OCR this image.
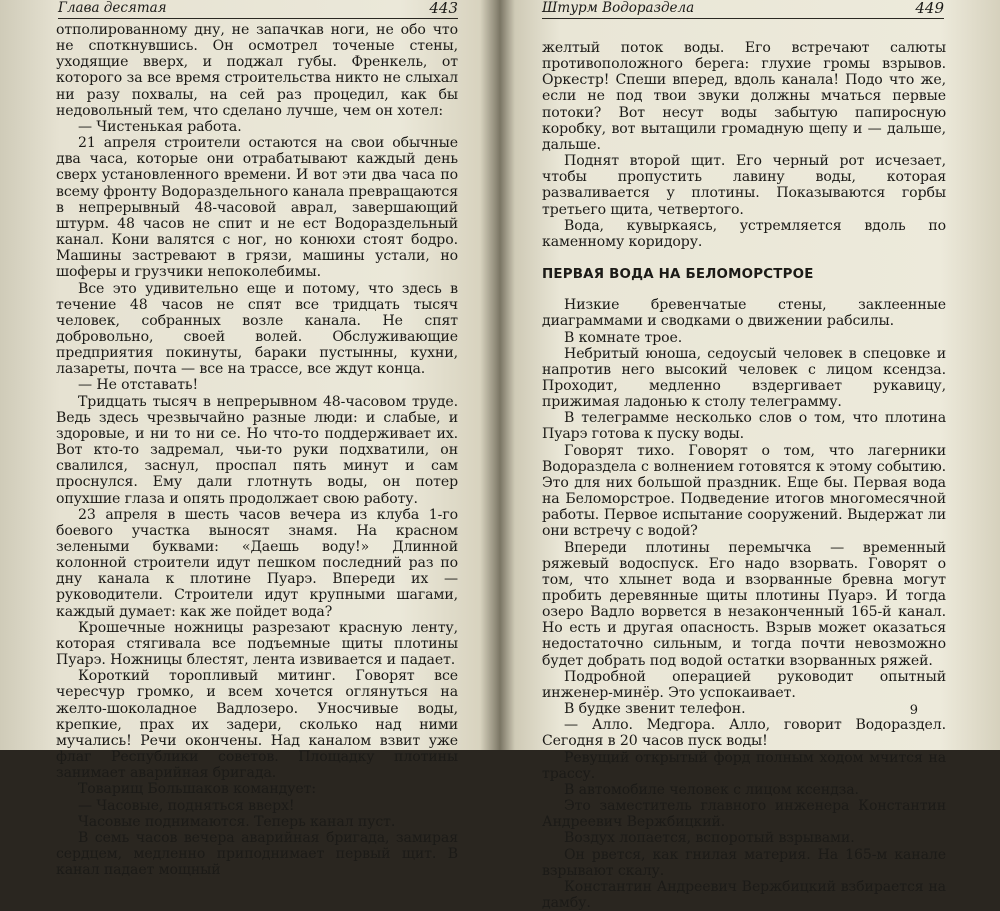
Глава десятая	443

отполированному дну, не запачкав ноги, не обо что не споткнувшись. Он осмотрел точеные стены, уходящие вверх, и поджал губы. Френкель, от которого за все время строительства никто не слыхал ни разу похвалы, на сей раз процедил, как бы недовольный тем, что сделано лучше, чем он хотел:

— Чистенькая работа.

21 апреля строители остаются на свои обычные два часа, которые они отрабатывают каждый день сверх установленного времени. И вот эти два часа по всему фронту Водораздельного канала превращаются в непрерывный 48-часовой аврал, завершающий штурм. 48 часов не спит и не ест Водораздельный канал. Кони валятся с ног, но конюхи стоят бодро. Машины застревают в грязи, машины устали, но шоферы и грузчики непоколебимы.

Все это удивительно еще и потому, что здесь в течение 48 часов не спят все тридцать тысяч человек, собранных возле канала. Не спят добровольно, своей волей. Обслуживающие предприятия покинуты, бараки пустынны, кухни, лазареты, почта — все на трассе, все ждут конца.

— Не отставать!

Тридцать тысяч в непрерывном 48-часовом труде. Ведь здесь чрезвычайно разные люди: и слабые, и здоровые, и ни то ни се. Но что-то поддерживает их. Вот кто-то задремал, чьи-то руки подхватили, он свалился, заснул, проспал пять минут и сам проснулся. Ему дали глотнуть воды, он потер опухшие глаза и опять продолжает свою работу.

23 апреля в шесть часов вечера из клуба 1-го боевого участка выносят знамя. На красном зелеными буквами: «Даешь воду!» Длинной колонной строители идут пешком последний раз по дну канала к плотине Пуарэ. Впереди их — руководители. Строители идут крупными шагами, каждый думает: как же пойдет вода?

Крошечные ножницы разрезают красную ленту, которая стягивала все подъемные щиты плотины Пуарэ. Ножницы блестят, лента извивается и падает.

Короткий торопливый митинг. Говорят все чересчур громко, и всем хочется оглянуться на желто-шоколадное Вадлозеро. Уносчивые воды, крепкие, прах их задери, сколько над ними мучались! Речи окончены. Над каналом взвит уже флаг Республики советов. Площадку плотины занимает аварийная бригада.

Товарищ Большаков командует:

— Часовые, подняться вверх!

Часовые поднимаются. Теперь канал пуст.

В семь часов вечера аварийная бригада, замирая сердцем, медленно приподнимает первый щит. В канал падает мощный

Штурм Водораздела	449

желтый поток воды. Его встречают салюты противоположного берега: глухие громы взрывов. Оркестр! Спеши вперед, вдоль канала! Подо что же, если не под твои звуки должны мчаться первые потоки? Вот несут воды забытую папиросную коробку, вот вытащили громадную щепу и — дальше, дальше.

Поднят второй щит. Его черный рот исчезает, чтобы пропустить лавину воды, которая разваливается у плотины. Показываются горбы третьего щита, четвертого.

Вода, кувыркаясь, устремляется вдоль по каменному коридору.

ПЕРВАЯ ВОДА НА БЕЛОМОРСТРОЕ

Низкие бревенчатые стены, заклеенные диаграммами и сводками о движении рабсилы.

В комнате трое.

Небритый юноша, седоусый человек в спецовке и напротив него высокий человек с лицом ксендза. Проходит, медленно вздергивает рукавицу, прижимая ладонью к столу телеграмму.

В телеграмме несколько слов о том, что плотина Пуарэ готова к пуску воды.

Говорят тихо. Говорят о том, что лагерники Водораздела с волнением готовятся к этому событию. Это для них большой праздник. Еще бы. Первая вода на Беломорстрое. Подведение итогов многомесячной работы. Первое испытание сооружений. Выдержат ли они встречу с водой?

Впереди плотины перемычка — временный ряжевый водоспуск. Его надо взорвать. Говорят о том, что хлынет вода и взорванные бревна могут пробить деревянные щиты плотины Пуарэ. И тогда озеро Вадло ворвется в незаконченный 165-й канал. Но есть и другая опасность. Взрыв может оказаться недостаточно сильным, и тогда почти невозможно будет добрать под водой остатки взорванных ряжей.

Подробной операцией руководит опытный инженер-минёр. Это успокаивает.

В будке звенит телефон.

— Алло. Медгора. Алло, говорит Водораздел. Сегодня в 20 часов пуск воды!

Ревущий открытый форд полным ходом мчится на трассу.

В автомобиле человек с лицом ксендза.

Это заместитель главного инженера Константин Андреевич Вержбицкий.

Воздух лопается, вспоротый взрывами.

Он рвется, как гнилая материя. На 165-м канале взрывают скалу.

Константин Андреевич Вержбицкий взбирается на дамбу.

9
